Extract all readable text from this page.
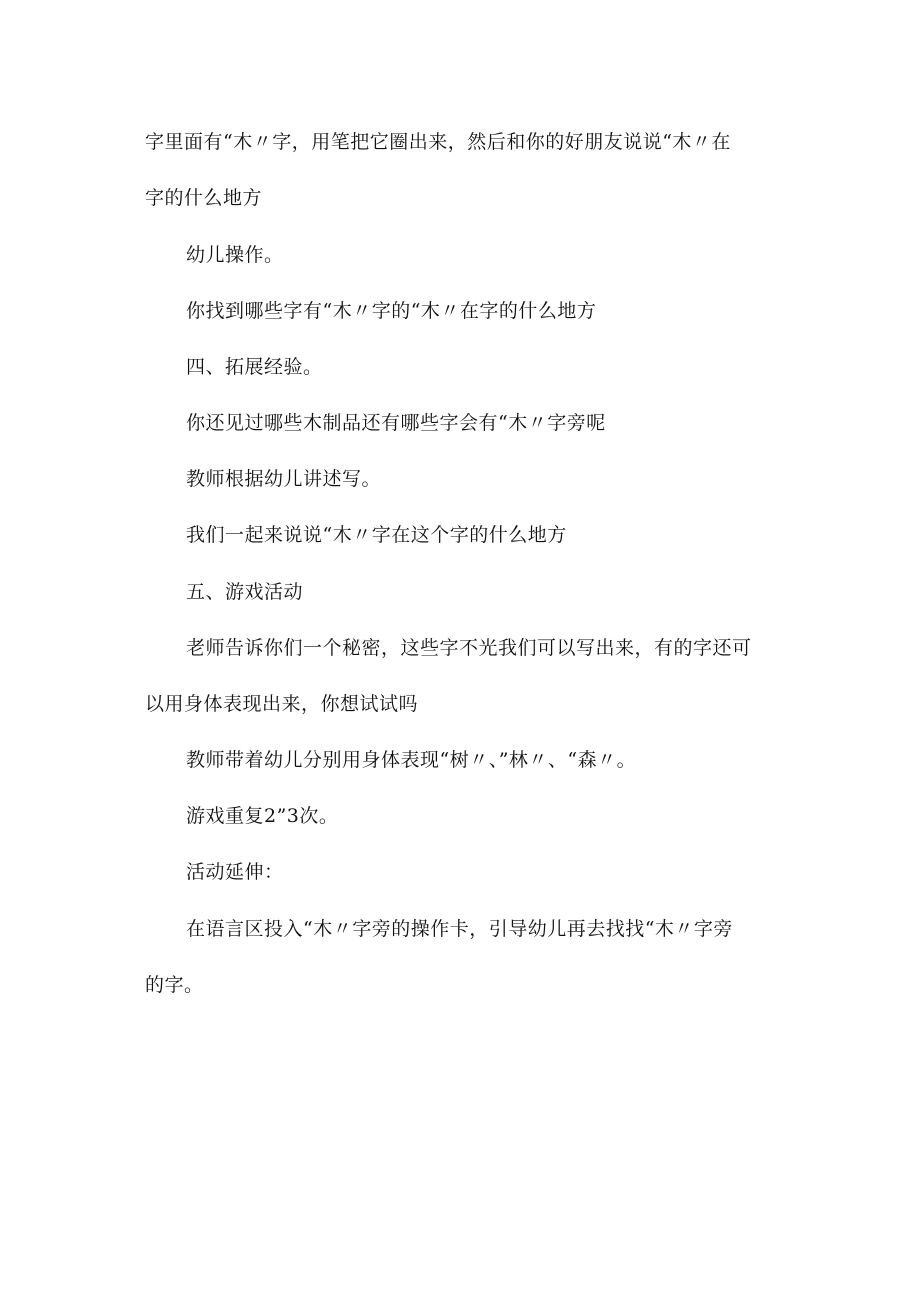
字里面有“木〃字，用笔把它圈出来，然后和你的好朋友说说“木〃在
字的什么地方
幼儿操作。
你找到哪些字有“木〃字的“木〃在字的什么地方
四、拓展经验。
你还见过哪些木制品还有哪些字会有“木〃字旁呢
教师根据幼儿讲述写。
我们一起来说说“木〃字在这个字的什么地方
五、游戏活动
老师告诉你们一个秘密，这些字不光我们可以写出来，有的字还可
以用身体表现出来，你想试试吗
教师带着幼儿分别用身体表现“树〃、”林〃、“森〃。
游戏重复2”3次。
活动延伸：
在语言区投入“木〃字旁的操作卡，引导幼儿再去找找“木〃字旁
的字。
